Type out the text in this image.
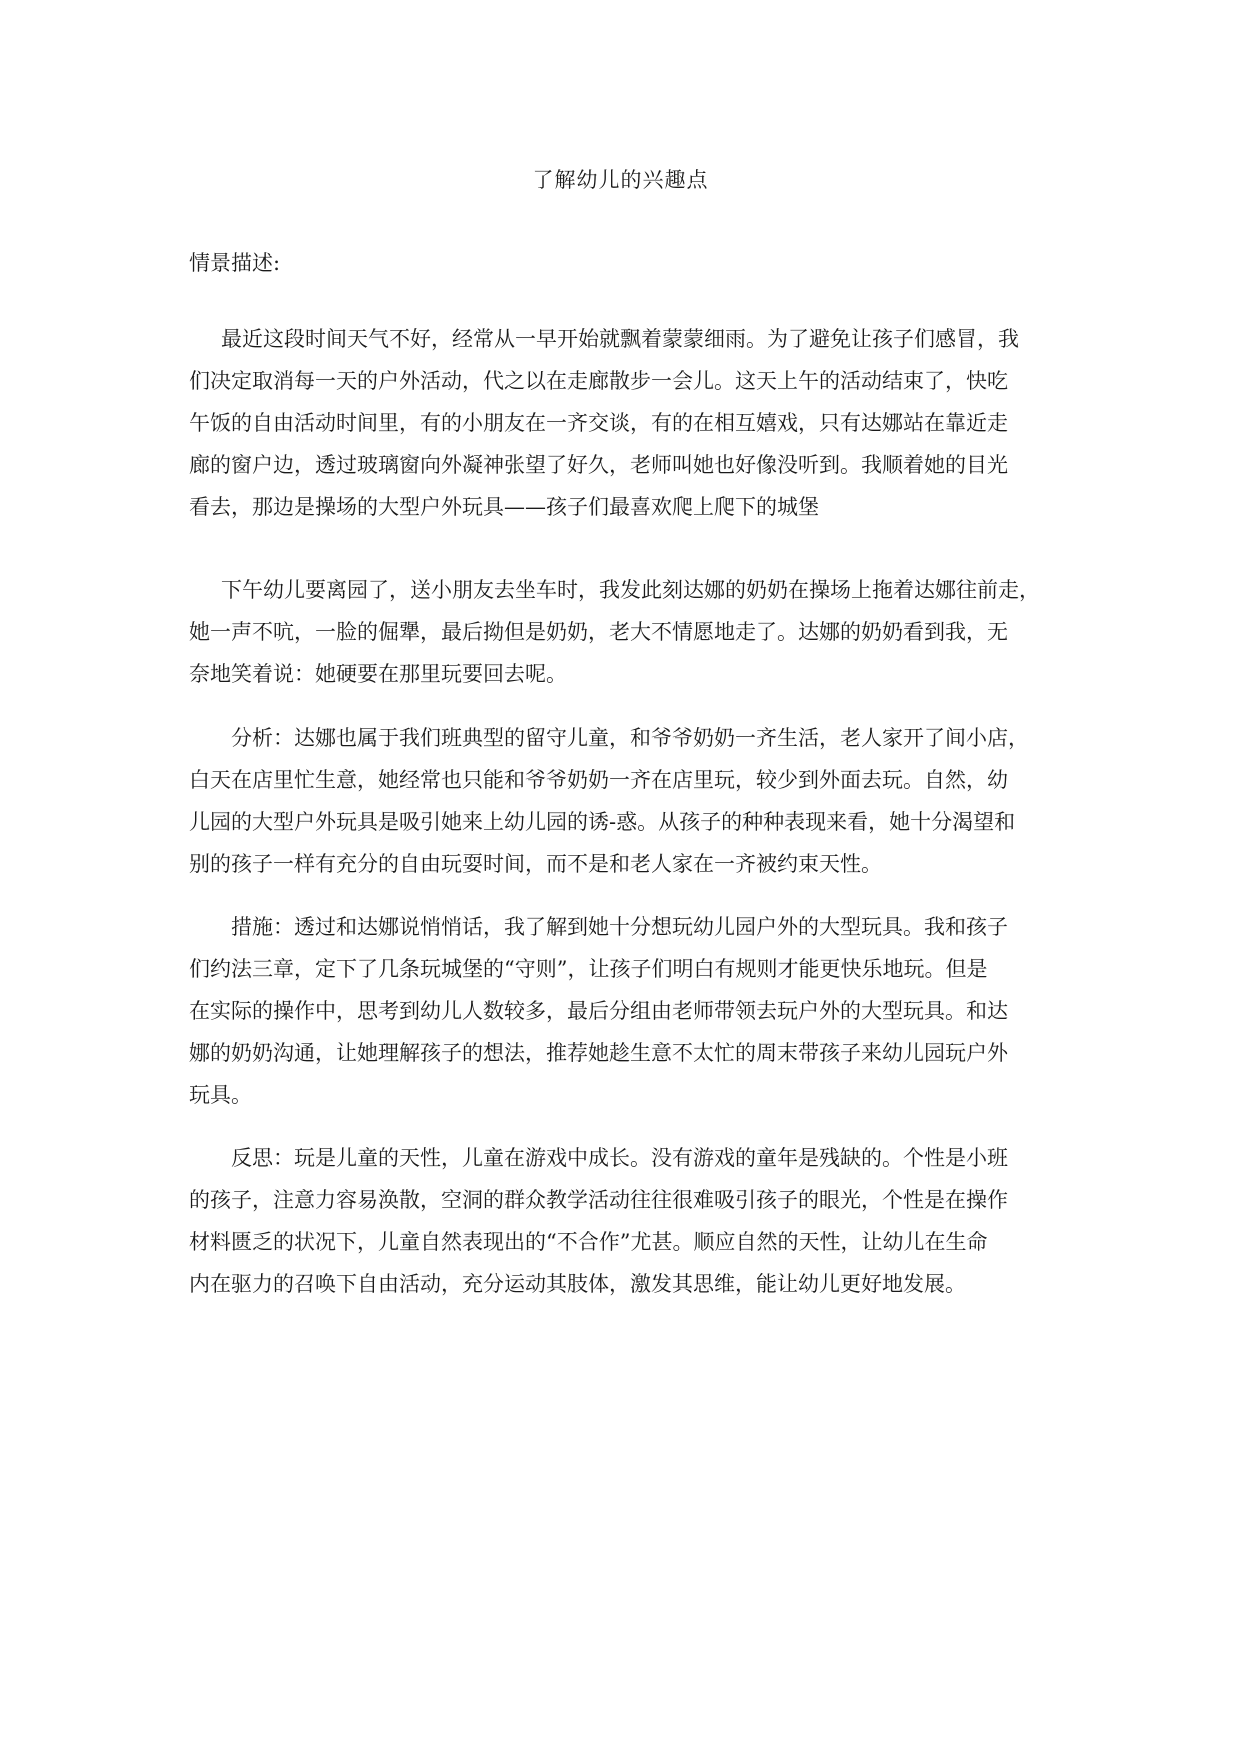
了解幼儿的兴趣点
情景描述:
最近这段时间天气不好，经常从一早开始就飘着蒙蒙细雨。为了避免让孩子们感冒，我
们决定取消每一天的户外活动，代之以在走廊散步一会儿。这天上午的活动结束了，快吃
午饭的自由活动时间里，有的小朋友在一齐交谈，有的在相互嬉戏，只有达娜站在靠近走
廊的窗户边，透过玻璃窗向外凝神张望了好久，老师叫她也好像没听到。我顺着她的目光
看去，那边是操场的大型户外玩具——孩子们最喜欢爬上爬下的城堡
下午幼儿要离园了，送小朋友去坐车时，我发此刻达娜的奶奶在操场上拖着达娜往前走，
她一声不吭，一脸的倔犟，最后拗但是奶奶，老大不情愿地走了。达娜的奶奶看到我，无
奈地笑着说：她硬要在那里玩要回去呢。
分析：达娜也属于我们班典型的留守儿童，和爷爷奶奶一齐生活，老人家开了间小店，
白天在店里忙生意，她经常也只能和爷爷奶奶一齐在店里玩，较少到外面去玩。自然，幼
儿园的大型户外玩具是吸引她来上幼儿园的诱-惑。从孩子的种种表现来看，她十分渴望和
别的孩子一样有充分的自由玩耍时间，而不是和老人家在一齐被约束天性。
措施：透过和达娜说悄悄话，我了解到她十分想玩幼儿园户外的大型玩具。我和孩子
们约法三章，定下了几条玩城堡的“守则”，让孩子们明白有规则才能更快乐地玩。但是
在实际的操作中，思考到幼儿人数较多，最后分组由老师带领去玩户外的大型玩具。和达
娜的奶奶沟通，让她理解孩子的想法，推荐她趁生意不太忙的周末带孩子来幼儿园玩户外
玩具。
反思：玩是儿童的天性，儿童在游戏中成长。没有游戏的童年是残缺的。个性是小班
的孩子，注意力容易涣散，空洞的群众教学活动往往很难吸引孩子的眼光，个性是在操作
材料匮乏的状况下，儿童自然表现出的“不合作”尤甚。顺应自然的天性，让幼儿在生命
内在驱力的召唤下自由活动，充分运动其肢体，激发其思维，能让幼儿更好地发展。
